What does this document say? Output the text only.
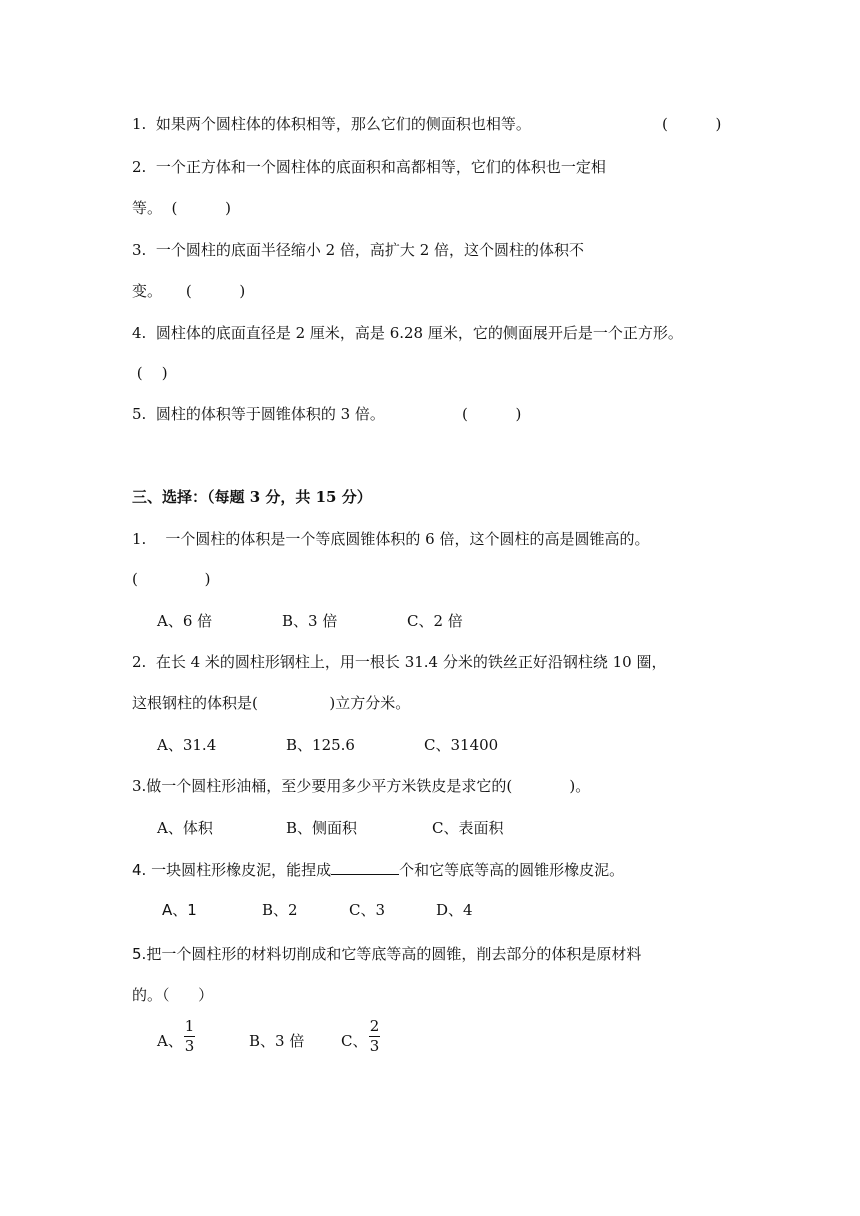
1.  如果两个圆柱体的体积相等，那么它们的侧面积也相等。	(          )
2.  一个正方体和一个圆柱体的底面积和高都相等，它们的体积也一定相
等。  (          )
3.  一个圆柱的底面半径缩小 2 倍，高扩大 2 倍，这个圆柱的体积不
变。     (          )
4.  圆柱体的底面直径是 2 厘米，高是 6.28 厘米，它的侧面展开后是一个正方形。
(    )
5.  圆柱的体积等于圆锥体积的 3 倍。	(          )
三、选择：（每题 3 分，共 15 分）
1.    一个圆柱的体积是一个等底圆锥体积的 6 倍，这个圆柱的高是圆锥高的。
(              )
A、6 倍	B、3 倍	C、2 倍
2.  在长 4 米的圆柱形钢柱上，用一根长 31.4 分米的铁丝正好沿钢柱绕 10 圈，
这根钢柱的体积是(               )立方分米。
A、31.4	B、125.6	C、31400
3.做一个圆柱形油桶，至少要用多少平方米铁皮是求它的(            )。
A、体积	B、侧面积	C、表面积
4. 一块圆柱形橡皮泥，能捏成	个和它等底等高的圆锥形橡皮泥。
A、1	B、2	C、3	D、4
5.把一个圆柱形的材料切削成和它等底等高的圆锥，削去部分的体积是原材料
的。（      ）
A、
1
3	B、3 倍 C、
2
3
